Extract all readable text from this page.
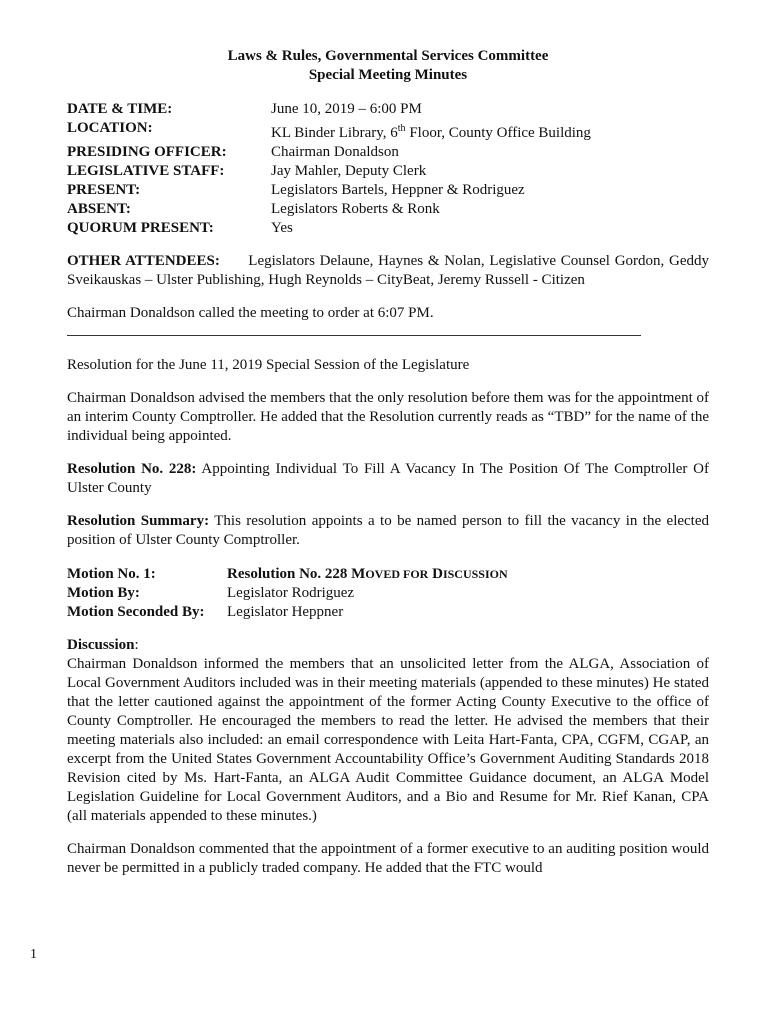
Laws & Rules, Governmental Services Committee
Special Meeting Minutes
DATE & TIME:	June 10, 2019 – 6:00 PM
LOCATION:	KL Binder Library, 6th Floor, County Office Building
PRESIDING OFFICER:	Chairman Donaldson
LEGISLATIVE STAFF:	Jay Mahler, Deputy Clerk
PRESENT:	Legislators Bartels, Heppner & Rodriguez
ABSENT:	Legislators Roberts & Ronk
QUORUM PRESENT:	Yes
OTHER ATTENDEES: Legislators Delaune, Haynes & Nolan, Legislative Counsel Gordon, Geddy Sveikauskas – Ulster Publishing, Hugh Reynolds – CityBeat, Jeremy Russell - Citizen
Chairman Donaldson called the meeting to order at 6:07 PM.
Resolution for the June 11, 2019 Special Session of the Legislature
Chairman Donaldson advised the members that the only resolution before them was for the appointment of an interim County Comptroller. He added that the Resolution currently reads as “TBD” for the name of the individual being appointed.
Resolution No. 228: Appointing Individual To Fill A Vacancy In The Position Of The Comptroller Of Ulster County
Resolution Summary: This resolution appoints a to be named person to fill the vacancy in the elected position of Ulster County Comptroller.
Motion No. 1:	Resolution No. 228 MOVED FOR DISCUSSION
Motion By:	Legislator Rodriguez
Motion Seconded By:	Legislator Heppner
Discussion:
Chairman Donaldson informed the members that an unsolicited letter from the ALGA, Association of Local Government Auditors included was in their meeting materials (appended to these minutes) He stated that the letter cautioned against the appointment of the former Acting County Executive to the office of County Comptroller. He encouraged the members to read the letter. He advised the members that their meeting materials also included: an email correspondence with Leita Hart-Fanta, CPA, CGFM, CGAP, an excerpt from the United States Government Accountability Office’s Government Auditing Standards 2018 Revision cited by Ms. Hart-Fanta, an ALGA Audit Committee Guidance document, an ALGA Model Legislation Guideline for Local Government Auditors, and a Bio and Resume for Mr. Rief Kanan, CPA (all materials appended to these minutes.)
Chairman Donaldson commented that the appointment of a former executive to an auditing position would never be permitted in a publicly traded company. He added that the FTC would
1
